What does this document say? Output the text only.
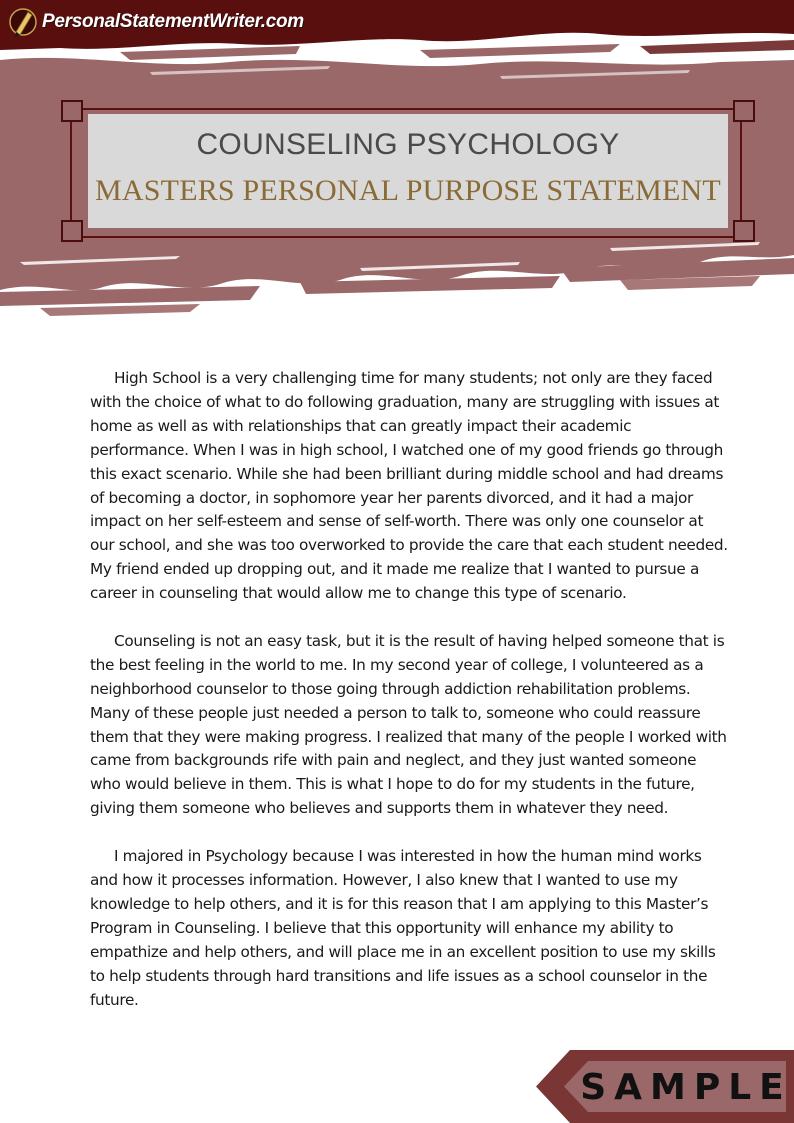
PersonalStatementWriter.com
COUNSELING PSYCHOLOGY
MASTERS PERSONAL PURPOSE STATEMENT

High School is a very challenging time for many students; not only are they faced with the choice of what to do following graduation, many are struggling with issues at home as well as with relationships that can greatly impact their academic performance. When I was in high school, I watched one of my good friends go through this exact scenario. While she had been brilliant during middle school and had dreams of becoming a doctor, in sophomore year her parents divorced, and it had a major impact on her self-esteem and sense of self-worth. There was only one counselor at our school, and she was too overworked to provide the care that each student needed. My friend ended up dropping out, and it made me realize that I wanted to pursue a career in counseling that would allow me to change this type of scenario.

Counseling is not an easy task, but it is the result of having helped someone that is the best feeling in the world to me. In my second year of college, I volunteered as a neighborhood counselor to those going through addiction rehabilitation problems. Many of these people just needed a person to talk to, someone who could reassure them that they were making progress. I realized that many of the people I worked with came from backgrounds rife with pain and neglect, and they just wanted someone who would believe in them. This is what I hope to do for my students in the future, giving them someone who believes and supports them in whatever they need.

I majored in Psychology because I was interested in how the human mind works and how it processes information. However, I also knew that I wanted to use my knowledge to help others, and it is for this reason that I am applying to this Master’s Program in Counseling. I believe that this opportunity will enhance my ability to empathize and help others, and will place me in an excellent position to use my skills to help students through hard transitions and life issues as a school counselor in the future.

SAMPLE
